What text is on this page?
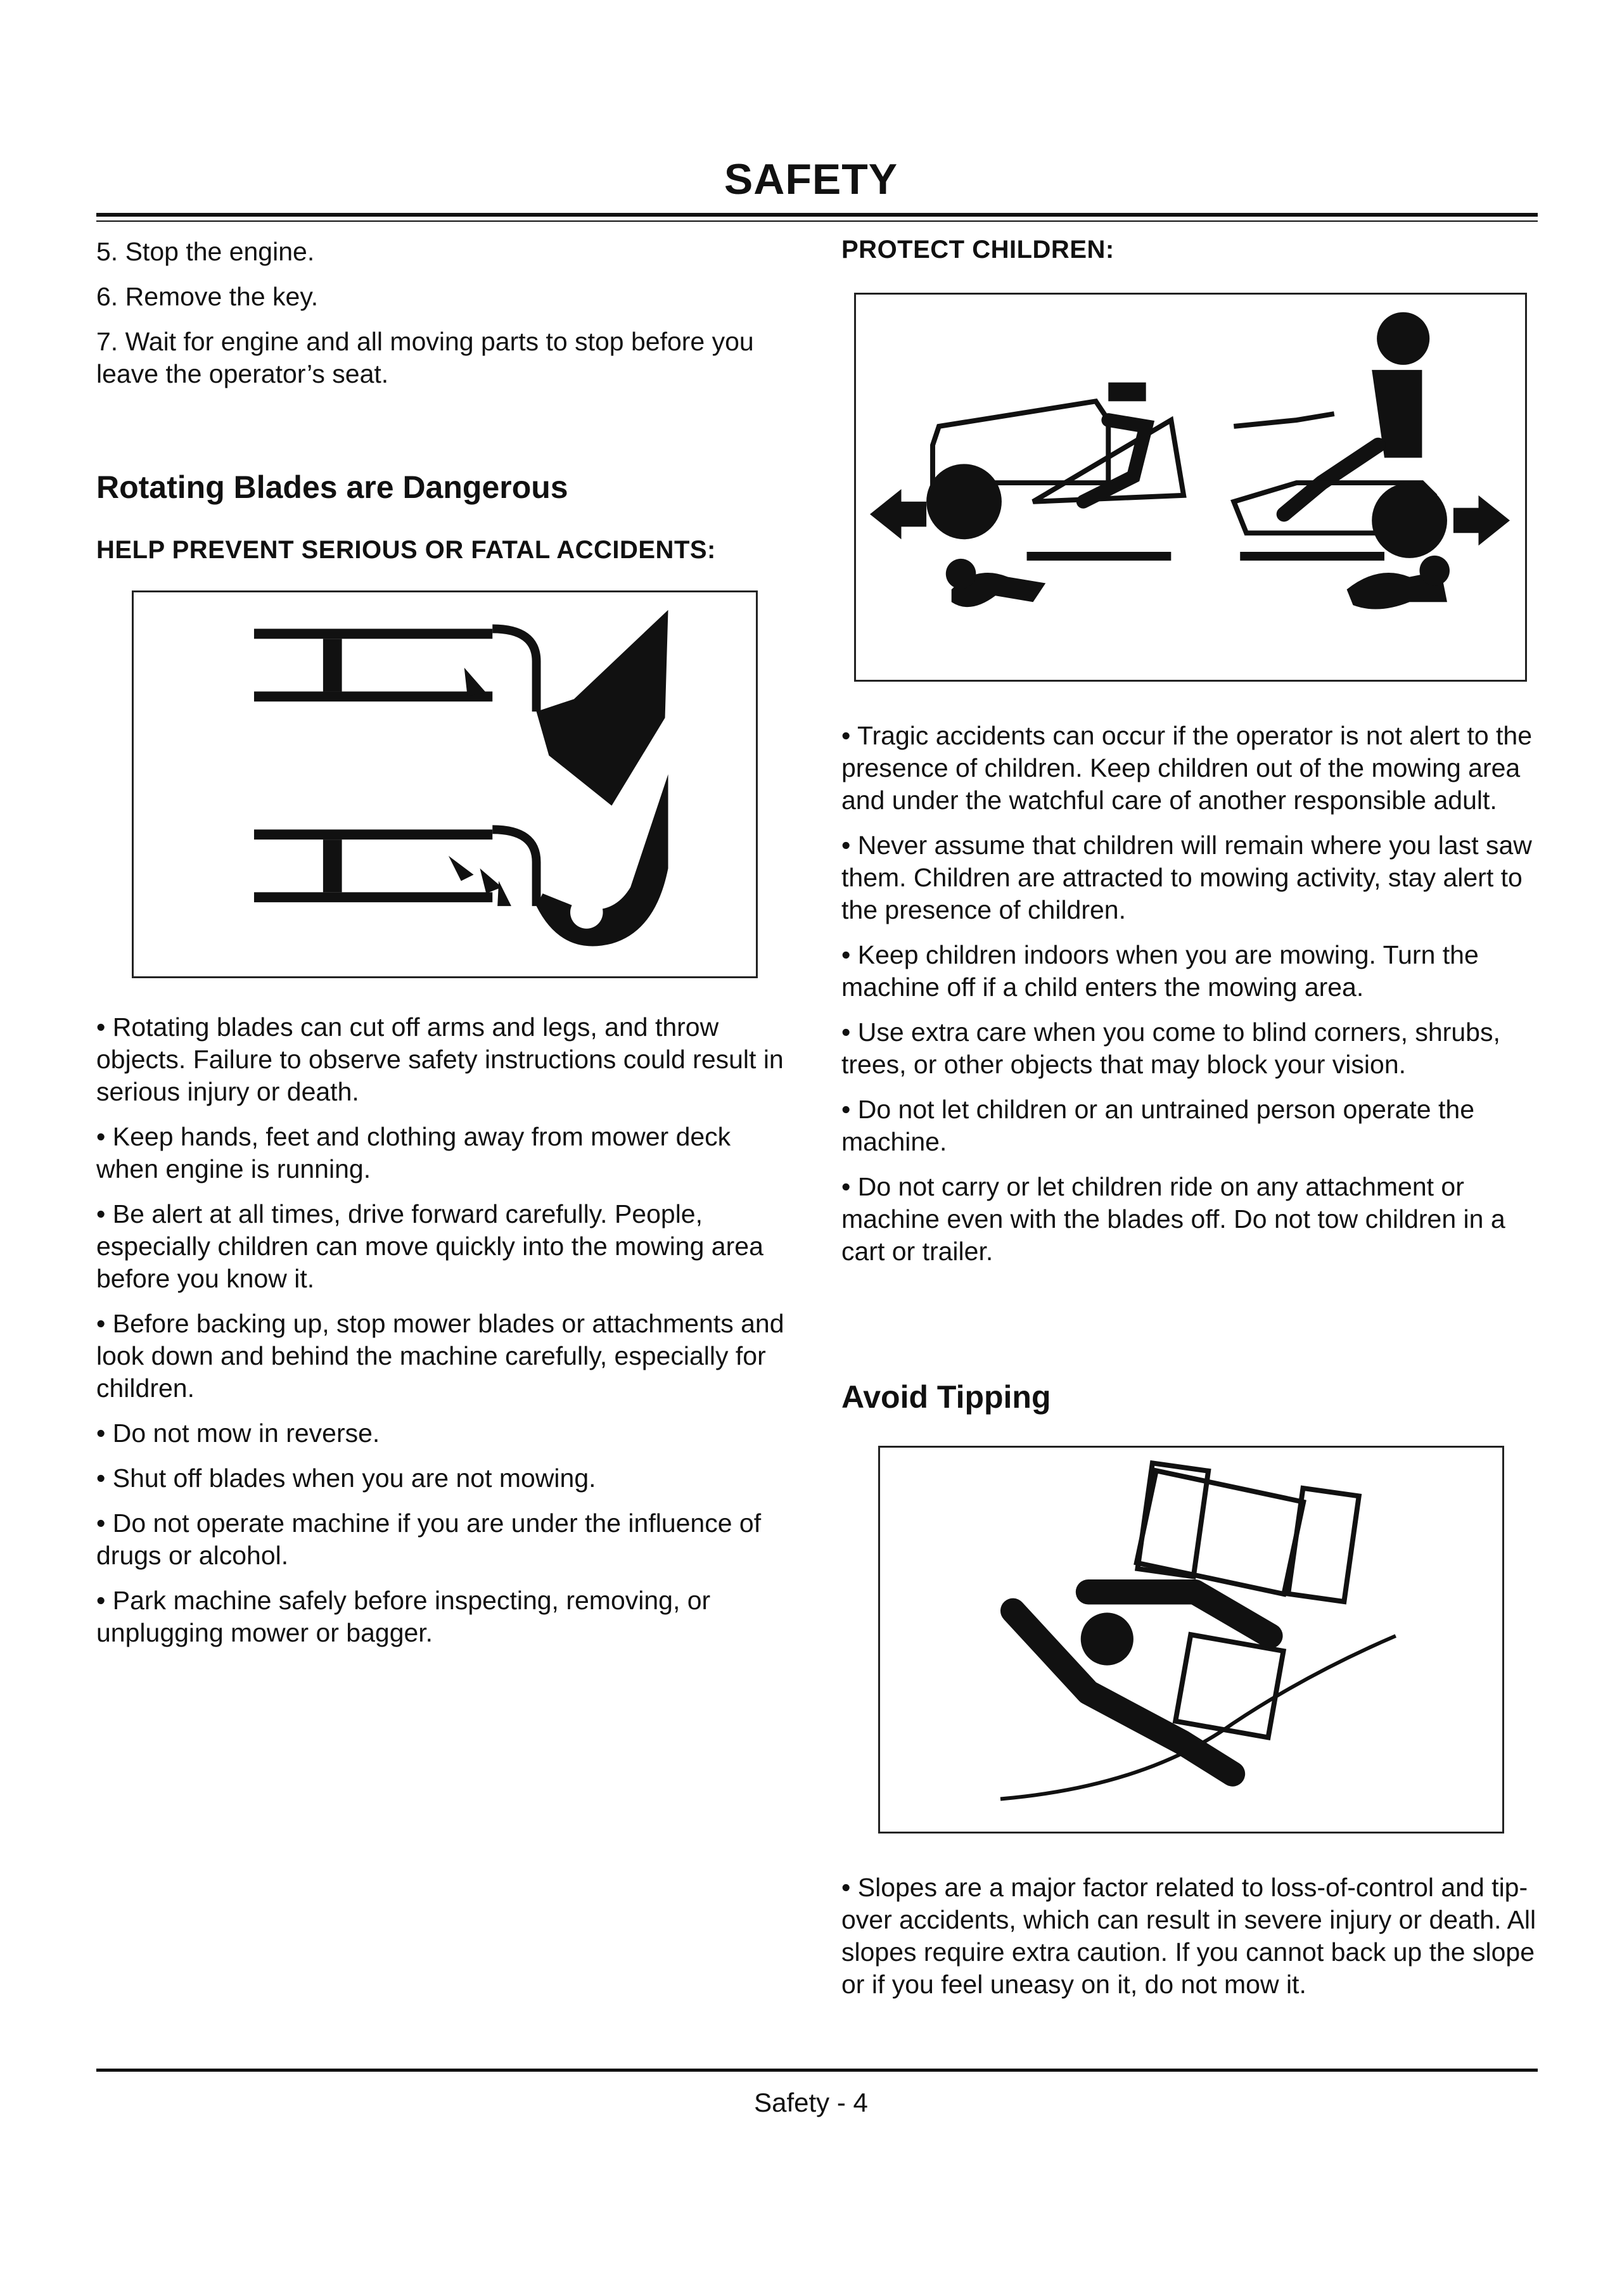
SAFETY

5. Stop the engine.

6. Remove the key.

7. Wait for engine and all moving parts to stop before you leave the operator’s seat.

Rotating Blades are Dangerous
HELP PREVENT SERIOUS OR FATAL ACCIDENTS:

• Rotating blades can cut off arms and legs, and throw objects. Failure to observe safety instructions could result in serious injury or death.

• Keep hands, feet and clothing away from mower deck when engine is running.

• Be alert at all times, drive forward carefully. People, especially children can move quickly into the mowing area before you know it.

• Before backing up, stop mower blades or attachments and look down and behind the machine carefully, especially for children.

• Do not mow in reverse.

• Shut off blades when you are not mowing.

• Do not operate machine if you are under the influence of drugs or alcohol.

• Park machine safely before inspecting, removing, or unplugging mower or bagger.

PROTECT CHILDREN:

• Tragic accidents can occur if the operator is not alert to the presence of children. Keep children out of the mowing area and under the watchful care of another responsible adult.

• Never assume that children will remain where you last saw them. Children are attracted to mowing activity, stay alert to the presence of children.

• Keep children indoors when you are mowing. Turn the machine off if a child enters the mowing area.

• Use extra care when you come to blind corners, shrubs, trees, or other objects that may block your vision.

• Do not let children or an untrained person operate the machine.

• Do not carry or let children ride on any attachment or machine even with the blades off. Do not tow children in a cart or trailer.

Avoid Tipping

• Slopes are a major factor related to loss-of-control and tip-over accidents, which can result in severe injury or death. All slopes require extra caution. If you cannot back up the slope or if you feel uneasy on it, do not mow it.

Safety - 4
